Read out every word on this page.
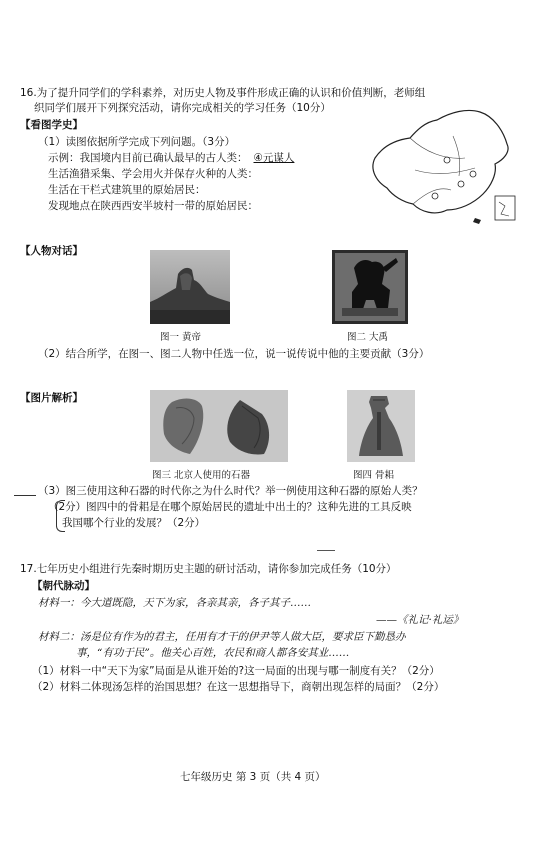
16.为了提升同学们的学科素养，对历史人物及事件形成正确的认识和价值判断，老师组
织同学们展开下列探究活动，请你完成相关的学习任务（10分）
【看图学史】
（1）读图依据所学完成下列问题。（3分）
示例：我国境内目前已确认最早的古人类： ④元谋人
生活渔猎采集、学会用火并保存火种的人类：
生活在干栏式建筑里的原始居民：
发现地点在陕西西安半坡村一带的原始居民：
【人物对话】
图一 黄帝	图二 大禹
（2）结合所学，在图一、图二人物中任选一位，说一说传说中他的主要贡献（3分）
【图片解析】
图三 北京人使用的石器	图四 骨耜
（3）图三使用这种石器的时代你之为什么时代？举一例使用这种石器的原始人类？
（2分）图四中的骨耜是在哪个原始居民的遗址中出土的？这种先进的工具反映
我国哪个行业的发展？（2分）
17.七年历史小组进行先秦时期历史主题的研讨活动，请你参加完成任务（10分）
【朝代脉动】
材料一：今大道既隐，天下为家，各亲其亲，各子其子……
——《礼记·礼运》
材料二：汤是位有作为的君主，任用有才干的伊尹等人做大臣，要求臣下勤恳办
事，“有功于民”。他关心百姓，农民和商人都各安其业……
（1）材料一中“天下为家”局面是从谁开始的?这一局面的出现与哪一制度有关？（2分）
（2）材料二体现汤怎样的治国思想？在这一思想指导下，商朝出现怎样的局面？（2分）
七年级历史 第 3 页（共 4 页）
